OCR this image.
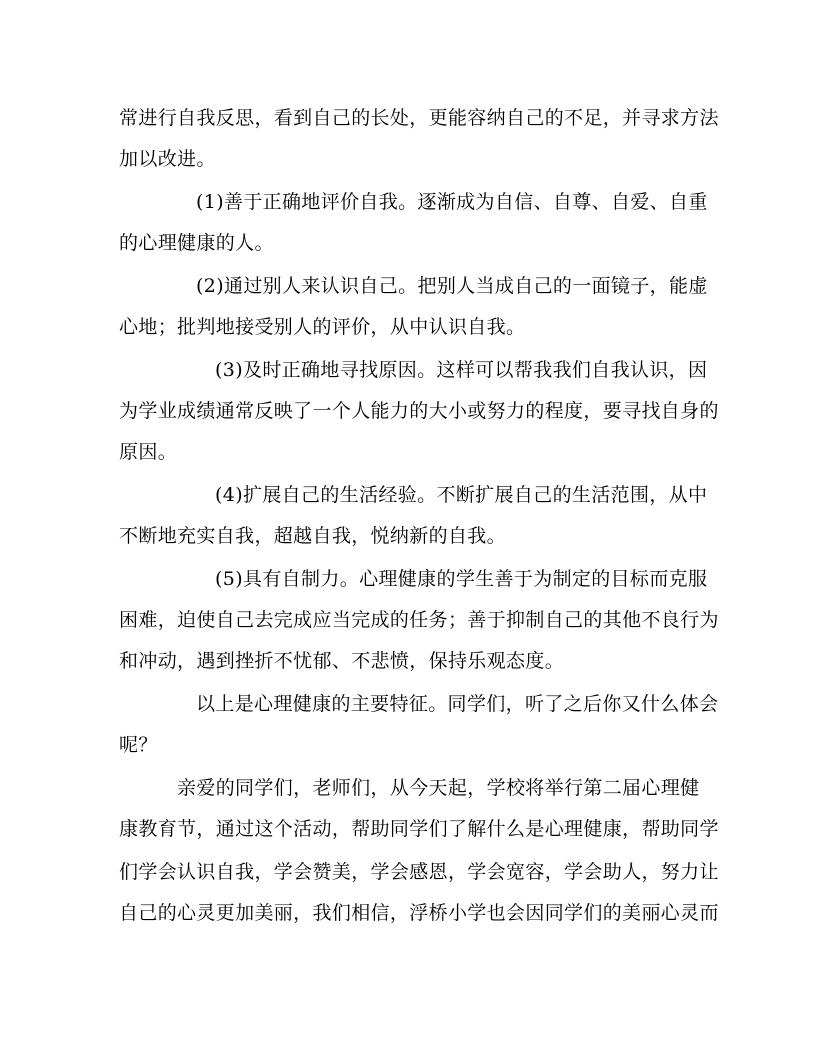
常进行自我反思，看到自己的长处，更能容纳自己的不足，并寻求方法
加以改进。
(1)善于正确地评价自我。逐渐成为自信、自尊、自爱、自重
的心理健康的人。
(2)通过别人来认识自己。把别人当成自己的一面镜子，能虚
心地；批判地接受别人的评价，从中认识自我。
(3)及时正确地寻找原因。这样可以帮我我们自我认识，因
为学业成绩通常反映了一个人能力的大小或努力的程度，要寻找自身的
原因。
(4)扩展自己的生活经验。不断扩展自己的生活范围，从中
不断地充实自我，超越自我，悦纳新的自我。
(5)具有自制力。心理健康的学生善于为制定的目标而克服
困难，迫使自己去完成应当完成的任务；善于抑制自己的其他不良行为
和冲动，遇到挫折不忧郁、不悲愤，保持乐观态度。
以上是心理健康的主要特征。同学们，听了之后你又什么体会
呢？
亲爱的同学们，老师们，从今天起，学校将举行第二届心理健
康教育节，通过这个活动，帮助同学们了解什么是心理健康，帮助同学
们学会认识自我，学会赞美，学会感恩，学会宽容，学会助人，努力让
自己的心灵更加美丽，我们相信，浮桥小学也会因同学们的美丽心灵而
